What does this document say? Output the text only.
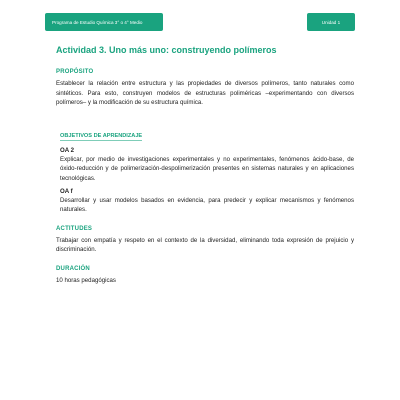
Programa de Estudio Química 3° o 4° Medio	Unidad 1
Actividad 3. Uno más uno: construyendo polímeros
PROPÓSITO

Establecer la relación entre estructura y las propiedades de diversos polímeros, tanto naturales como sintéticos. Para esto, construyen modelos de estructuras poliméricas –experimentando con diversos polímeros– y la modificación de su estructura química.

OBJETIVOS DE APRENDIZAJE
OA 2

Explicar, por medio de investigaciones experimentales y no experimentales, fenómenos ácido-base, de óxido-reducción y de polimerización-despolimerización presentes en sistemas naturales y en aplicaciones tecnológicas.

OA f

Desarrollar y usar modelos basados en evidencia, para predecir y explicar mecanismos y fenómenos naturales.

ACTITUDES

Trabajar con empatía y respeto en el contexto de la diversidad, eliminando toda expresión de prejuicio y discriminación.

DURACIÓN

10 horas pedagógicas
